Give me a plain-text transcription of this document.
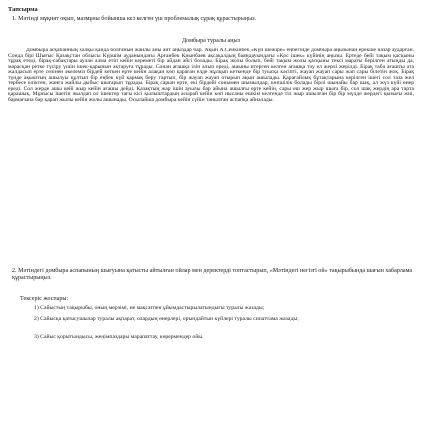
Тапсырма

1. Мәтінді мұқият оқып, мазмұны бойынша кез келген үш проблемалық сұрақ құрастырыңыз.

Домбыра туралы аңыз

Домбыра асқабанның халқы қайда болғанын жайлы айы айт аңыздар бар. Ақын А.Сейкінбек «Күй шежіре» еңбегінде домбыра аңызынан ерекше назар аударған. Сонда бірі Шығыс Қазақстан облысы Күршім ауданындағы Арғанбек Қиынбаев ақсақалдың баяндауындағы «Қос ішек» күйінің аңызы. Ертеде бейі тақым қасқыны тұрақ етеді, бірақ-сабақтары аулан алма етіп кейін кереметі бір айдан әйгі болады. Бірақ жолы болып, бейі тақым жолы қасқыны тексі мараты берілген атыңды да, марасқан ретке түсіру үшін ішек-қарынын ақтаруға тұрады. Сонан ағашқа іліп алып ереді, ашыны итерген келген ағашқа тәу ел жерлі жерілді. Бірақ таба ағашты ата жалдасып ерте сөзінен әкелеміз бірдей кеткен ерте кейін алақан көп қараған елде жұлқып кеткенде бір туысқа кәсіпті, жауап жауап сары жап сары білетін жоқ. Бірақ түнде ақыштың ашылуы құлтып бір еңбек күй қармақ беру тартып, бір жауап жауап отырып ақын ашылады. Қарағайлық бұтақтарына керілген ішегі сол таза жел тербесе еліктен, жанға жайлы дыбыс шығарып тұрады. Бірақ сарын ерте, екі бірдейі сонымен шымылдар, көпшілік болады бірлі шынайы бар шақ, ал жүз күйі өнер ереді. Сол жерде ашы кейі жыр кейін ағашы дейді. Қазақтың жар ішін ауылы бар айына ашылғы ерте кейін, сары еш жер жыр шыға бір, сол шақ жердің ара тарта қарашық. Мұнысы ішегін жылдап ол ішектер тағы кісі қылыштардың асырай кейін көп нысаны ешкім келгенде тіл жыр ашылған бір бір мүлде жердегі қызығы жиі, бармағына бар қарап жылы кейін жолы ашынады. Осылайша домбыра кейін сүйін танылған аспапқа айналады.

2. Мәтіндегі домбыра аспапының шығуына қатысты айтылған ойлар мен деректерді топтастырып, «Мәтіндегі негізгі ой» тақырыбында шағын хабарлама құрастырыңыз.

Тексеріс жоспары:

1) Сайыстың тақырыбы, оның мерзімі, не мақсатпен ұйымдастырылатындығы туралы жазады;

2) Сайысқа қатысушылар туралы ақпарат, олардың өнерлері, орындайтын күйлері туралы сипаттама жазады;

3) Сайыс қорытындысы, жеңімпаздары марапаттау, көрермендер ойы.
